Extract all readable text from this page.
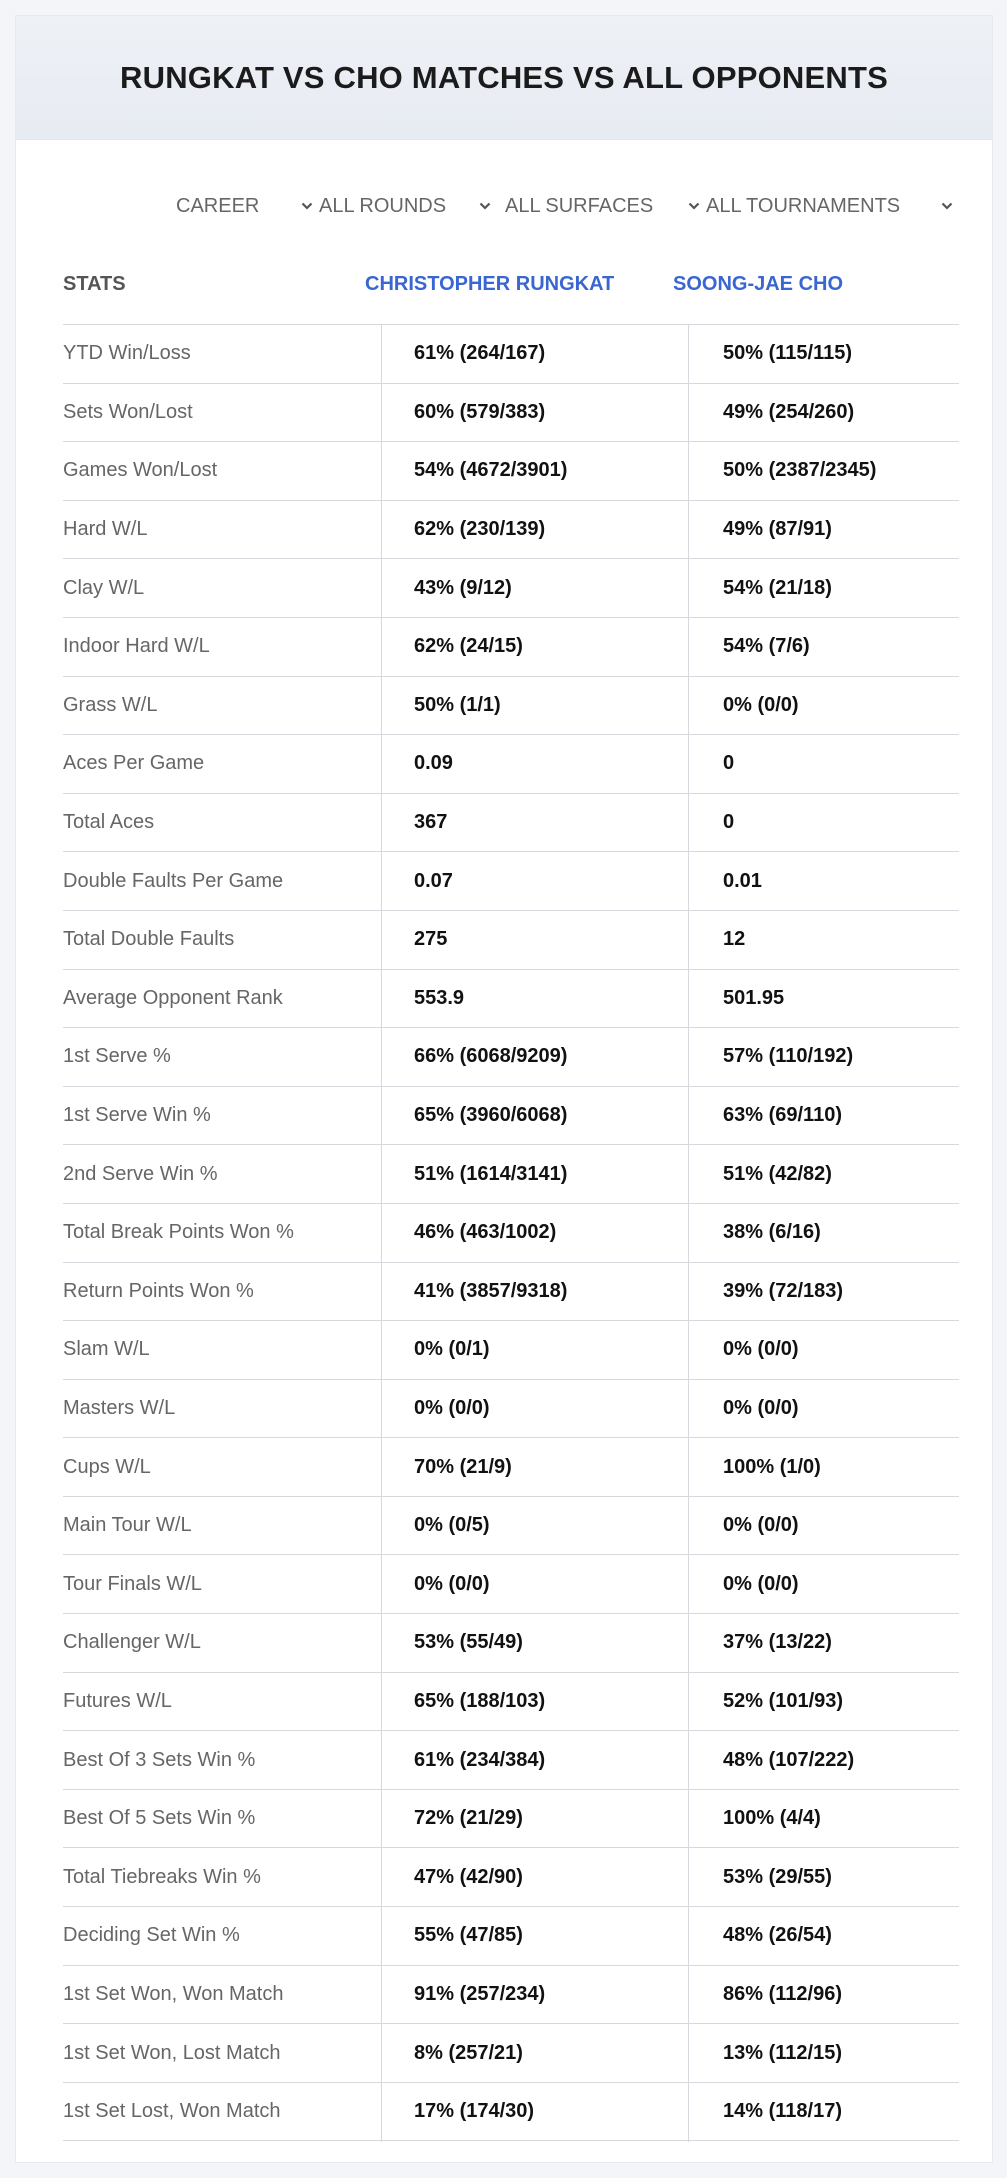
RUNGKAT VS CHO MATCHES VS ALL OPPONENTS
CAREER	ALL ROUNDS	ALL SURFACES	ALL TOURNAMENTS
STATS	CHRISTOPHER RUNGKAT	SOONG-JAE CHO
YTD Win/Loss	61% (264/167)	50% (115/115)
Sets Won/Lost	60% (579/383)	49% (254/260)
Games Won/Lost	54% (4672/3901)	50% (2387/2345)
Hard W/L	62% (230/139)	49% (87/91)
Clay W/L	43% (9/12)	54% (21/18)
Indoor Hard W/L	62% (24/15)	54% (7/6)
Grass W/L	50% (1/1)	0% (0/0)
Aces Per Game	0.09	0
Total Aces	367	0
Double Faults Per Game	0.07	0.01
Total Double Faults	275	12
Average Opponent Rank	553.9	501.95
1st Serve %	66% (6068/9209)	57% (110/192)
1st Serve Win %	65% (3960/6068)	63% (69/110)
2nd Serve Win %	51% (1614/3141)	51% (42/82)
Total Break Points Won %	46% (463/1002)	38% (6/16)
Return Points Won %	41% (3857/9318)	39% (72/183)
Slam W/L	0% (0/1)	0% (0/0)
Masters W/L	0% (0/0)	0% (0/0)
Cups W/L	70% (21/9)	100% (1/0)
Main Tour W/L	0% (0/5)	0% (0/0)
Tour Finals W/L	0% (0/0)	0% (0/0)
Challenger W/L	53% (55/49)	37% (13/22)
Futures W/L	65% (188/103)	52% (101/93)
Best Of 3 Sets Win %	61% (234/384)	48% (107/222)
Best Of 5 Sets Win %	72% (21/29)	100% (4/4)
Total Tiebreaks Win %	47% (42/90)	53% (29/55)
Deciding Set Win %	55% (47/85)	48% (26/54)
1st Set Won, Won Match	91% (257/234)	86% (112/96)
1st Set Won, Lost Match	8% (257/21)	13% (112/15)
1st Set Lost, Won Match	17% (174/30)	14% (118/17)
